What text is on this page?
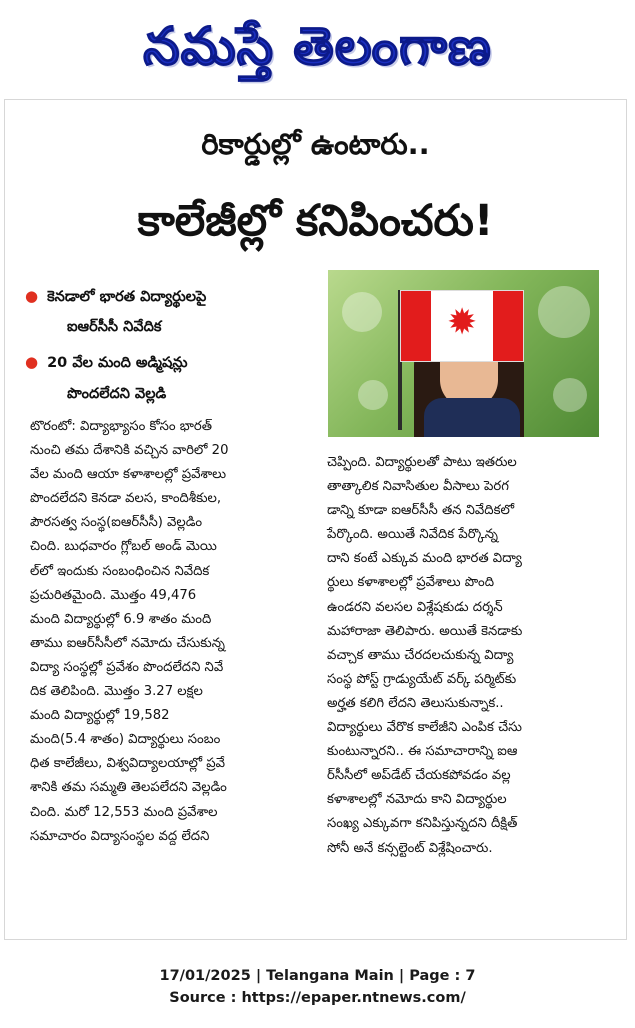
నమస్తే తెలంగాణ
రికార్డుల్లో ఉంటారు..
కాలేజీల్లో కనిపించరు!
● కెనడాలో భారత విద్యార్థులపై
ఐఆర్‌సీసీ నివేదిక
● 20 వేల మంది అడ్మిషన్లు
పొందలేదని వెల్లడి
✹
టొరంటో: విద్యాభ్యాసం కోసం భారత్
నుంచి తమ దేశానికి వచ్చిన వారిలో 20
వేల మంది ఆయా కళాశాలల్లో ప్రవేశాలు
పొందలేదని కెనడా వలస, కాందిశీకుల,
పౌరసత్వ సంస్థ(ఐఆర్‌సీసీ) వెల్లడిం
చింది. బుధవారం గ్లోబల్ అండ్ మెయి
ల్‌లో ఇందుకు సంబంధించిన నివేదిక
ప్రచురితమైంది. మొత్తం 49,476
మంది విద్యార్థుల్లో 6.9 శాతం మంది
తాము ఐఆర్‌సీసీలో నమోదు చేసుకున్న
విద్యా సంస్థల్లో ప్రవేశం పొందలేదని నివే
దిక తెలిపింది. మొత్తం 3.27 లక్షల
మంది విద్యార్థుల్లో 19,582
మంది(5.4 శాతం) విద్యార్థులు సంబం
ధిత కాలేజీలు, విశ్వవిద్యాలయాల్లో ప్రవే
శానికి తమ సమ్మతి తెలపలేదని వెల్లడిం
చింది. మరో 12,553 మంది ప్రవేశాల
సమాచారం విద్యాసంస్థల వద్ద లేదని
చెప్పింది. విద్యార్థులతో పాటు ఇతరుల
తాత్కాలిక నివాసితుల వీసాలు పెరగ
డాన్ని కూడా ఐఆర్‌సీసీ తన నివేదికలో
పేర్కొంది. అయితే నివేదిక పేర్కొన్న
దాని కంటే ఎక్కువ మంది భారత విద్యా
ర్థులు కళాశాలల్లో ప్రవేశాలు పొంది
ఉండరని వలసల విశ్లేషకుడు దర్శన్
మహారాజా తెలిపారు. అయితే కెనడాకు
వచ్చాక తాము చేరదలచుకున్న విద్యా
సంస్థ పోస్ట్ గ్రాడ్యుయేట్ వర్క్ పర్మిట్‌కు
అర్హత కలిగి లేదని తెలుసుకున్నాక..
విద్యార్థులు వేరొక కాలేజీని ఎంపిక చేసు
కుంటున్నారని.. ఈ సమాచారాన్ని ఐఆ
ర్‌సీసీలో అప్‌డేట్ చేయకపోవడం వల్ల
కళాశాలల్లో నమోదు కాని విద్యార్థుల
సంఖ్య ఎక్కువగా కనిపిస్తున్నదని దీక్షిత్
సోనీ అనే కన్సల్టెంట్ విశ్లేషించారు.
17/01/2025 | Telangana Main | Page : 7
Source : https://epaper.ntnews.com/
